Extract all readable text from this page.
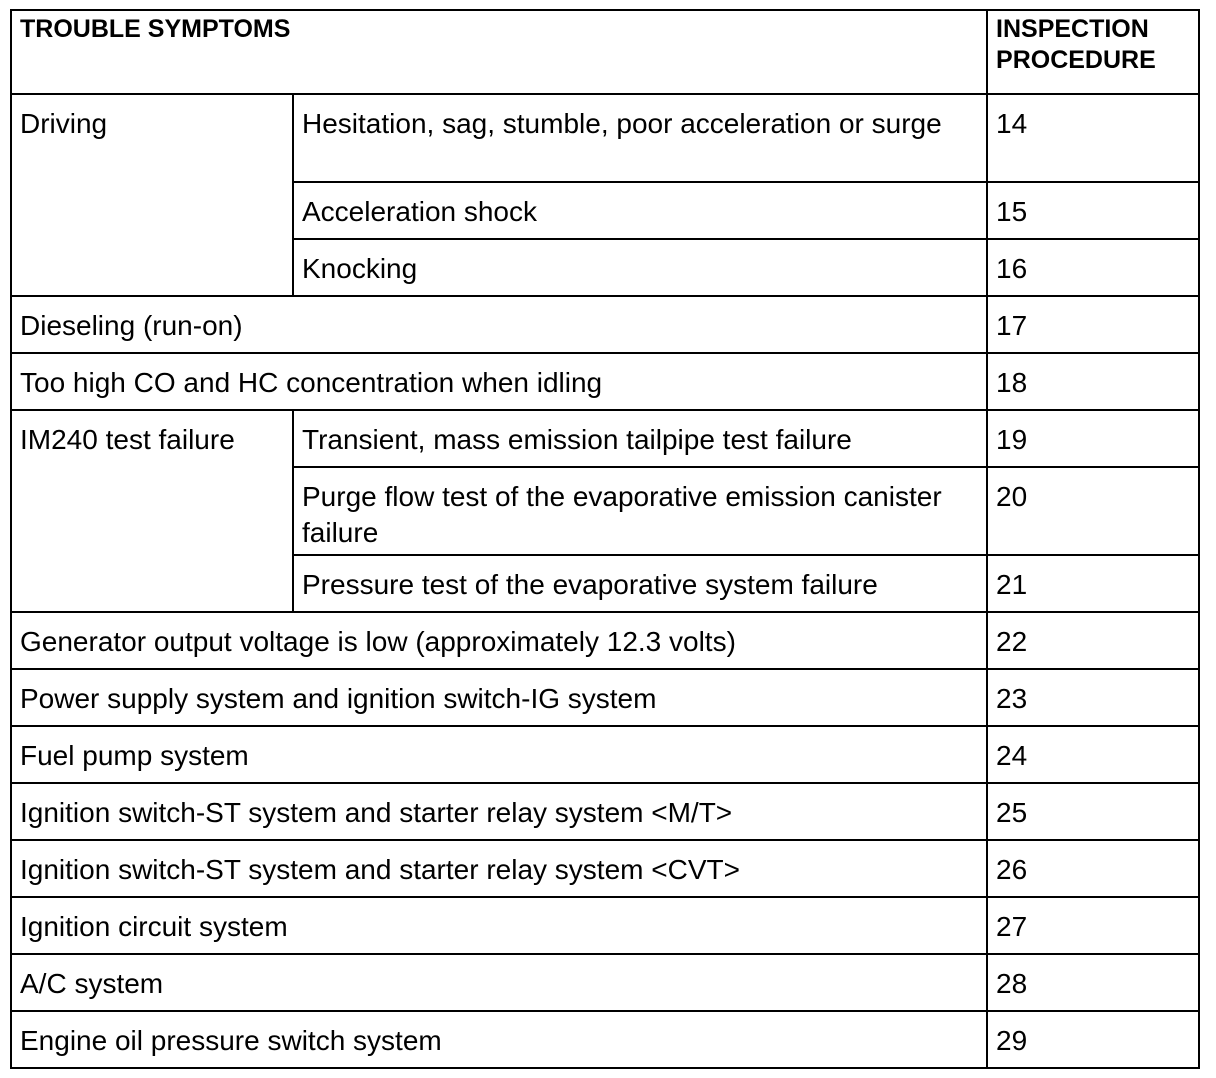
TROUBLE SYMPTOMS		INSPECTION
PROCEDURE
Driving	Hesitation, sag, stumble, poor acceleration or surge	14
	Acceleration shock	15
	Knocking	16
Dieseling (run-on)		17
Too high CO and HC concentration when idling		18
IM240 test failure	Transient, mass emission tailpipe test failure	19
	Purge flow test of the evaporative emission canister failure	20
	Pressure test of the evaporative system failure	21
Generator output voltage is low (approximately 12.3 volts)		22
Power supply system and ignition switch-IG system		23
Fuel pump system		24
Ignition switch-ST system and starter relay system <M/T>		25
Ignition switch-ST system and starter relay system <CVT>		26
Ignition circuit system		27
A/C system		28
Engine oil pressure switch system		29
